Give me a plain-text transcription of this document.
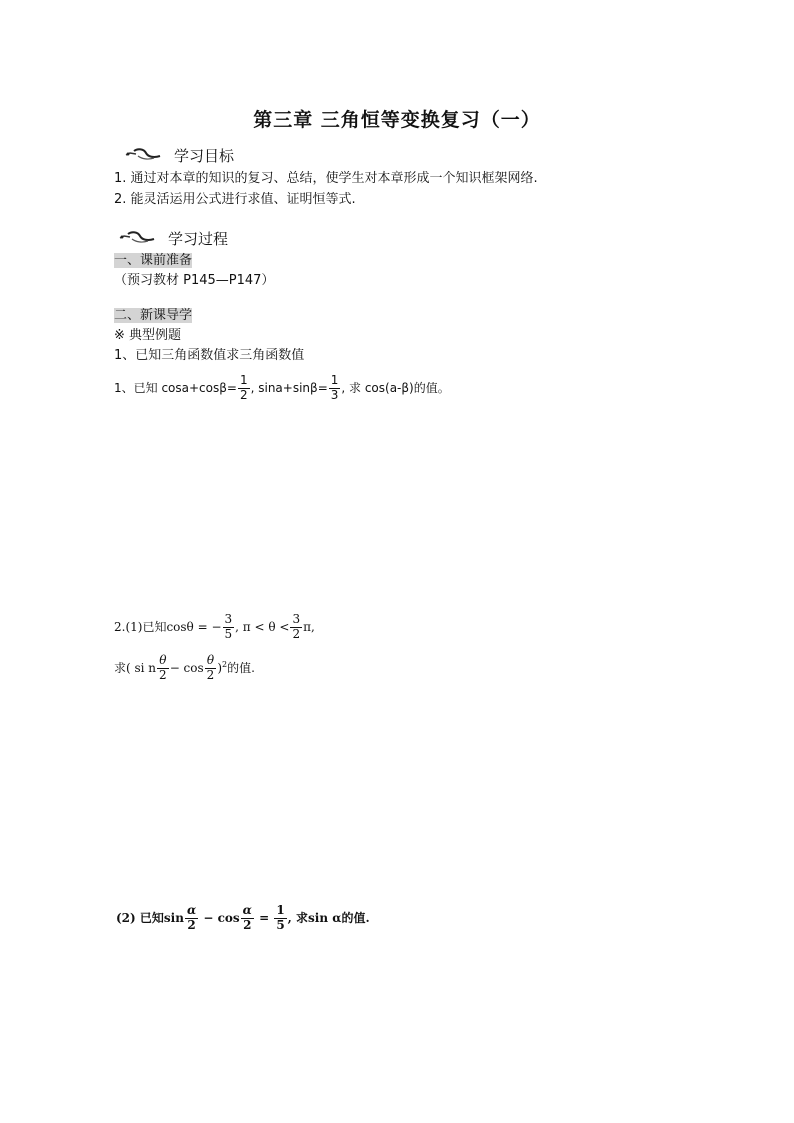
第三章 三角恒等变换复习（一）
学习目标
1. 通过对本章的知识的复习、总结，使学生对本章形成一个知识框架网络.
2. 能灵活运用公式进行求值、证明恒等式.
学习过程
一、课前准备
（预习教材 P145—P147）
二、新课导学
※ 典型例题
1、已知三角函数值求三角函数值
1、已知 $\cos a+\cos\beta= \frac{1}{2}$ , $\sin a+\sin\beta= \frac{1}{3}$ , 求 cos(a-β)的值。
2.(1)已知cosθ = − $\frac{3}{5}$ , $\pi < \theta < \frac{3}{2} \pi$,
求( si n $\frac{\theta}{2} - \cos \frac{\theta}{2} )^2$的值.
(2) 已知$\sin \frac{\alpha}{2} - \cos \frac{\alpha}{2} = \frac{1}{5}$ , 求sin α的值.
